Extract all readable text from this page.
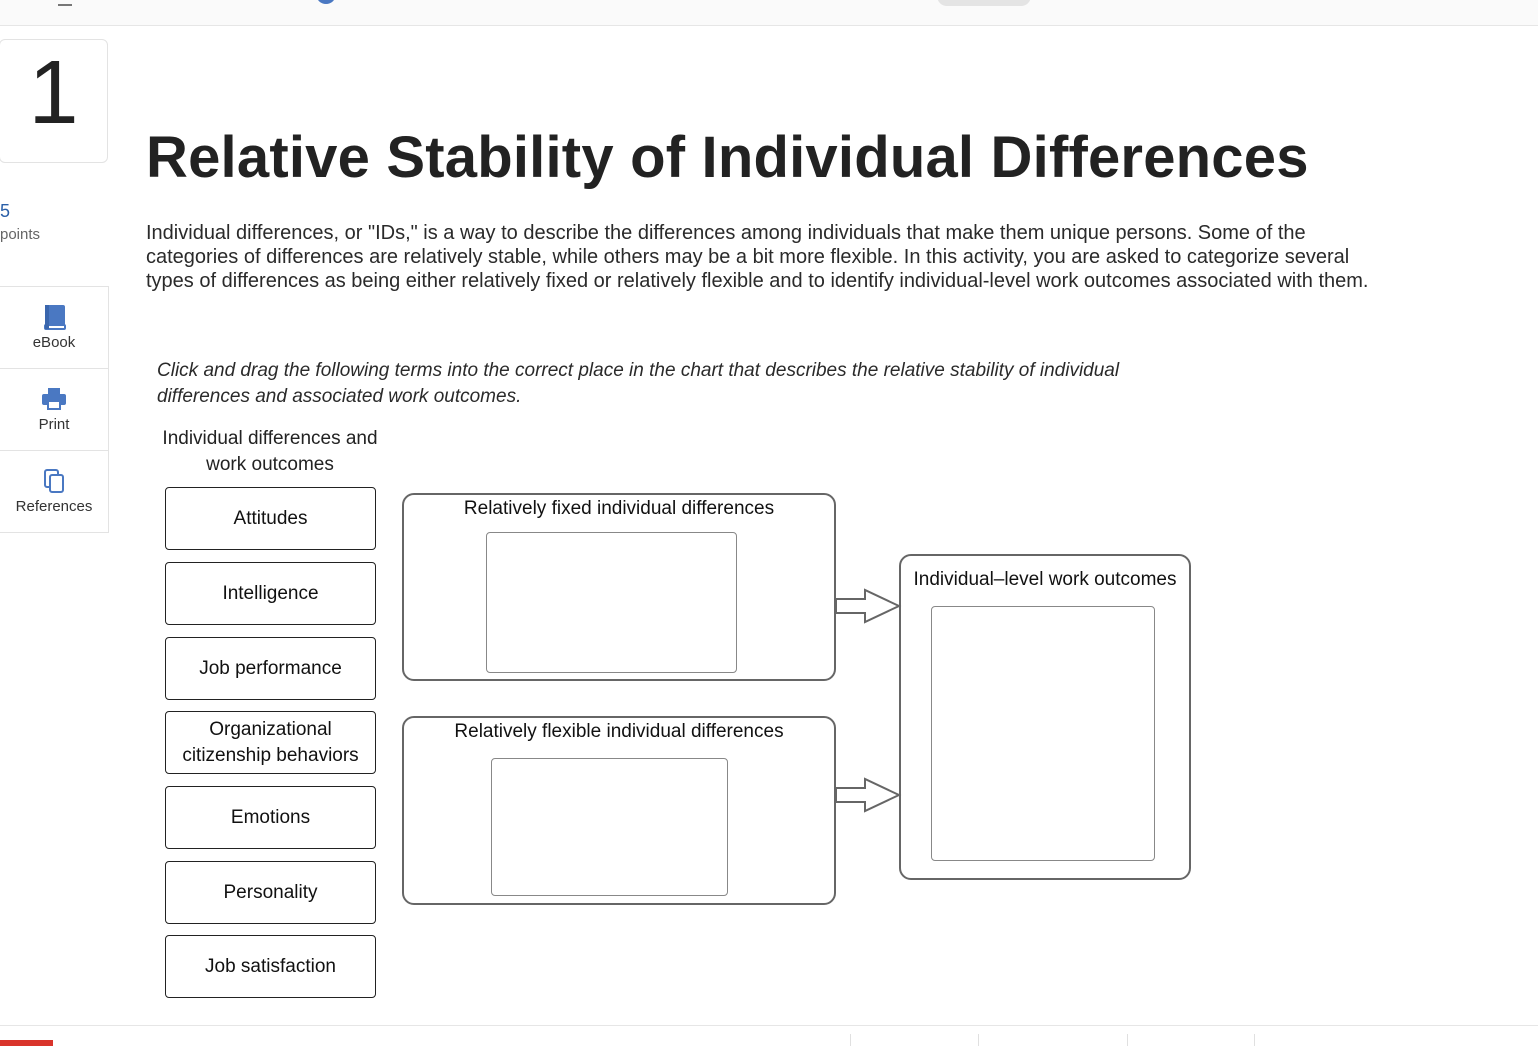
1
5
points
eBook
Print
References
Relative Stability of Individual Differences

Individual differences, or "IDs," is a way to describe the differences among individuals that make them unique persons. Some of the categories of differences are relatively stable, while others may be a bit more flexible. In this activity, you are asked to categorize several types of differences as being either relatively fixed or relatively flexible and to identify individual-level work outcomes associated with them.

Click and drag the following terms into the correct place in the chart that describes the relative stability of individual differences and associated work outcomes.

Individual differences and work outcomes
Attitudes
Intelligence
Job performance
Organizational citizenship behaviors
Emotions
Personality
Job satisfaction
Relatively fixed individual differences
Relatively flexible individual differences
Individual–level work outcomes
